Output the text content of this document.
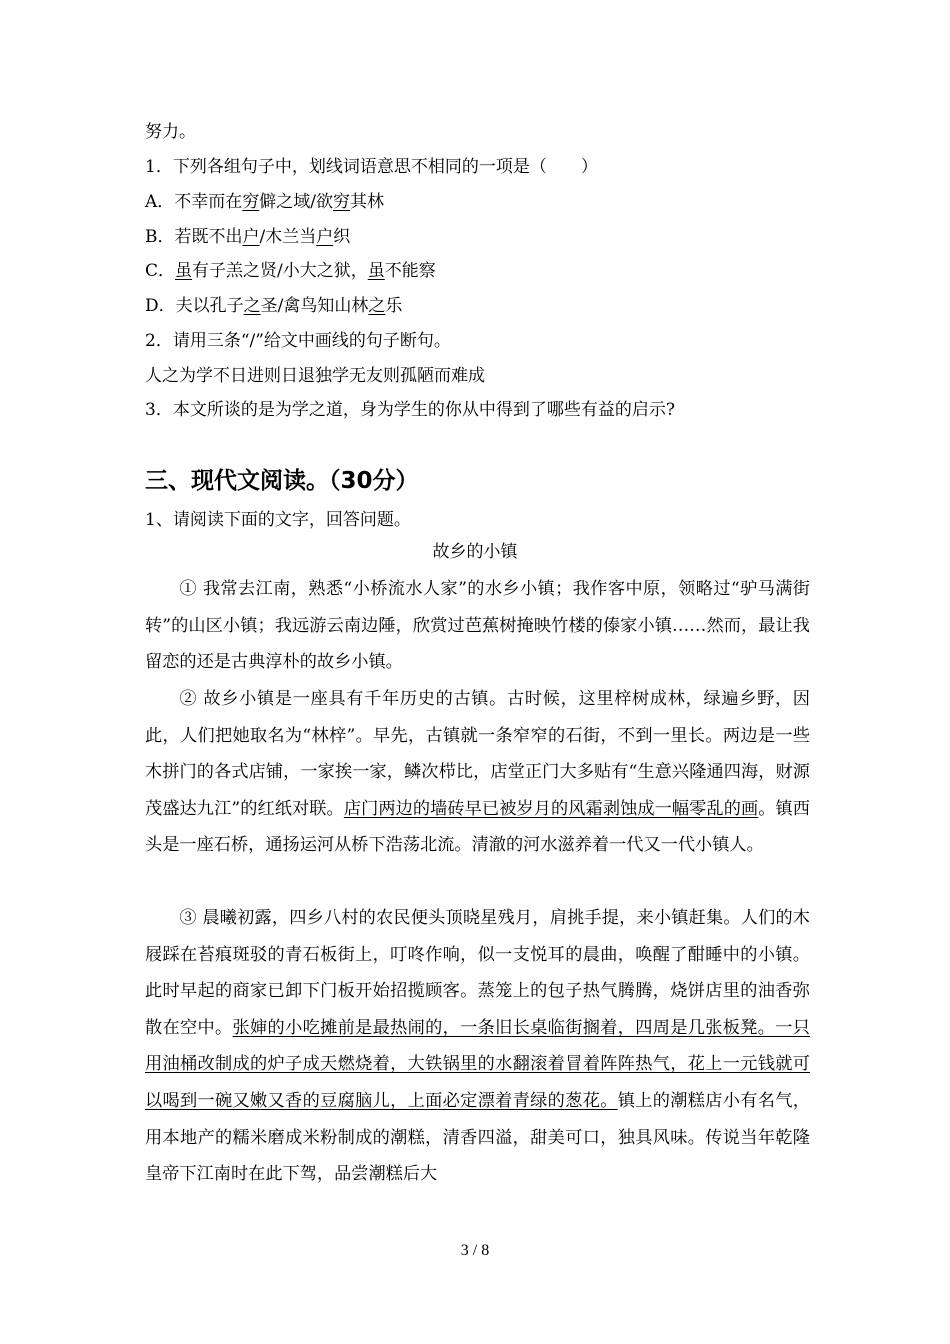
努力。
1．下列各组句子中，划线词语意思不相同的一项是（　　）
A．不幸而在穷僻之域/欲穷其林
B．若既不出户/木兰当户织
C．虽有子羔之贤/小大之狱，虽不能察
D．夫以孔子之圣/禽鸟知山林之乐
2．请用三条“/”给文中画线的句子断句。
人之为学不日进则日退独学无友则孤陋而难成
3．本文所谈的是为学之道，身为学生的你从中得到了哪些有益的启示?
三、现代文阅读。（30分）
1、请阅读下面的文字，回答问题。
故乡的小镇
① 我常去江南，熟悉“小桥流水人家”的水乡小镇；我作客中原，领略过“驴马满街转”的山区小镇；我远游云南边陲，欣赏过芭蕉树掩映竹楼的傣家小镇……然而，最让我留恋的还是古典淳朴的故乡小镇。
② 故乡小镇是一座具有千年历史的古镇。古时候，这里梓树成林，绿遍乡野，因此，人们把她取名为“林梓”。早先，古镇就一条窄窄的石街，不到一里长。两边是一些木拼门的各式店铺，一家挨一家，鳞次栉比，店堂正门大多贴有“生意兴隆通四海，财源茂盛达九江”的红纸对联。店门两边的墙砖早已被岁月的风霜剥蚀成一幅零乱的画。镇西头是一座石桥，通扬运河从桥下浩荡北流。清澈的河水滋养着一代又一代小镇人。
③ 晨曦初露，四乡八村的农民便头顶晓星残月，肩挑手提，来小镇赶集。人们的木屐踩在苔痕斑驳的青石板街上，叮咚作响，似一支悦耳的晨曲，唤醒了酣睡中的小镇。此时早起的商家已卸下门板开始招揽顾客。蒸笼上的包子热气腾腾，烧饼店里的油香弥散在空中。张婶的小吃摊前是最热闹的，一条旧长桌临街搁着，四周是几张板凳。一只用油桶改制成的炉子成天燃烧着，大铁锅里的水翻滚着冒着阵阵热气，花上一元钱就可以喝到一碗又嫩又香的豆腐脑儿，上面必定漂着青绿的葱花。镇上的潮糕店小有名气，用本地产的糯米磨成米粉制成的潮糕，清香四溢，甜美可口，独具风味。传说当年乾隆皇帝下江南时在此下驾，品尝潮糕后大
3 / 8
